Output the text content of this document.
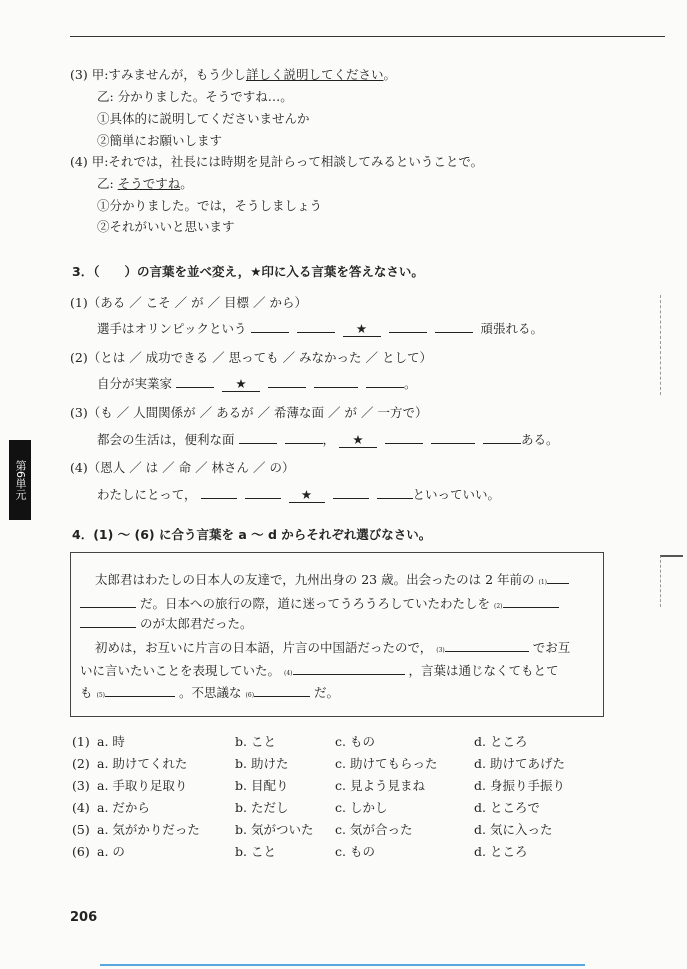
(3) 甲:すみませんが，もう少し詳しく説明してください。
乙: 分かりました。そうですね…。
①具体的に説明してくださいませんか
②簡単にお願いします
(4) 甲:それでは，社長には時期を見計らって相談してみるということで。
乙: そうですね。
①分かりました。では，そうしましょう
②それがいいと思います
3．（　　）の言葉を並べ変え，★印に入る言葉を答えなさい。
(1)（ある ／ こそ ／ が ／ 目標 ／ から）
選手はオリンピックという	★	頑張れる。
(2)（とは ／ 成功できる ／ 思っても ／ みなかった ／ として）
自分が実業家	★	。
(3)（も ／ 人間関係が ／ あるが ／ 希薄な面 ／ が ／ 一方で）
都会の生活は，便利な面	， ★	ある。
(4)（恩人 ／ は ／ 命 ／ 林さん ／ の）
わたしにとって，	★	といっていい。
4．(1) ～ (6) に合う言葉を a ～ d からそれぞれ選びなさい。
太郎君はわたしの日本人の友達で，九州出身の 23 歳。出会ったのは 2 年前の (1)
だ。日本への旅行の際，道に迷ってうろうろしていたわたしを (2)
のが太郎君だった。
初めは，お互いに片言の日本語，片言の中国語だったので， (3)	でお互
いに言いたいことを表現していた。 (4)	，言葉は通じなくてもとて
も (5)	。不思議な (6)	だ。
(1) a. 時	b. こと	c. もの	d. ところ
(2) a. 助けてくれた	b. 助けた	c. 助けてもらった	d. 助けてあげた
(3) a. 手取り足取り	b. 目配り	c. 見よう見まね	d. 身振り手振り
(4) a. だから	b. ただし	c. しかし	d. ところで
(5) a. 気がかりだった	b. 気がついた c. 気が合った	d. 気に入った
(6) a. の	b. こと	c. もの	d. ところ
第6単元
206
